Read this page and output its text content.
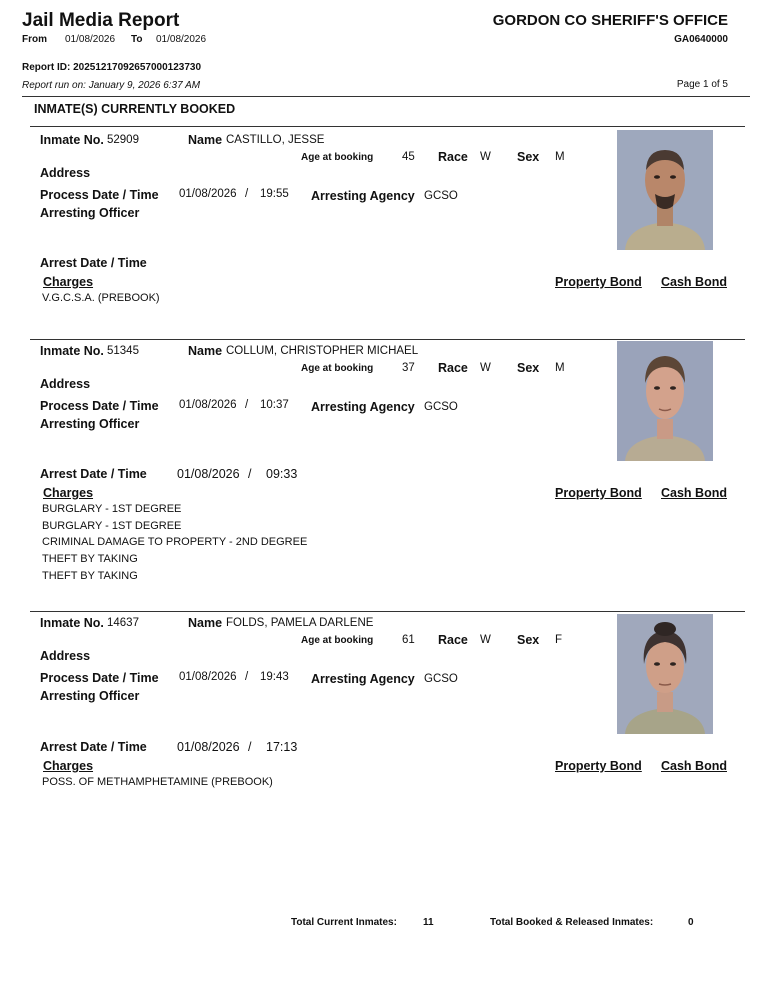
Jail Media Report	GORDON CO SHERIFF'S OFFICE
From 01/08/2026 To 01/08/2026	GA0640000
Report ID: 20251217092657000123730
Report run on: January 9, 2026 6:37 AM	Page 1 of 5
INMATE(S) CURRENTLY BOOKED
Inmate No. 52909	Name CASTILLO, JESSE
Age at booking	45 Race W Sex M
Address
Process Date / Time 01/08/2026 / 19:55 Arresting Agency GCSO
Arresting Officer
Arrest Date / Time
Charges	Property Bond Cash Bond
V.G.C.S.A. (PREBOOK)
Inmate No. 51345	Name COLLUM, CHRISTOPHER MICHAEL
Age at booking	37 Race W Sex M
Address
Process Date / Time 01/08/2026 / 10:37 Arresting Agency GCSO
Arresting Officer
Arrest Date / Time 01/08/2026 / 09:33
Charges	Property Bond Cash Bond
BURGLARY - 1ST DEGREE
BURGLARY - 1ST DEGREE
CRIMINAL DAMAGE TO PROPERTY - 2ND DEGREE
THEFT BY TAKING
THEFT BY TAKING
Inmate No. 14637	Name FOLDS, PAMELA DARLENE
Age at booking	61 Race W Sex F
Address
Process Date / Time 01/08/2026 / 19:43 Arresting Agency GCSO
Arresting Officer
Arrest Date / Time 01/08/2026 / 17:13
Charges	Property Bond Cash Bond
POSS. OF METHAMPHETAMINE (PREBOOK)
Total Current Inmates:	11	Total Booked & Released Inmates:	0
